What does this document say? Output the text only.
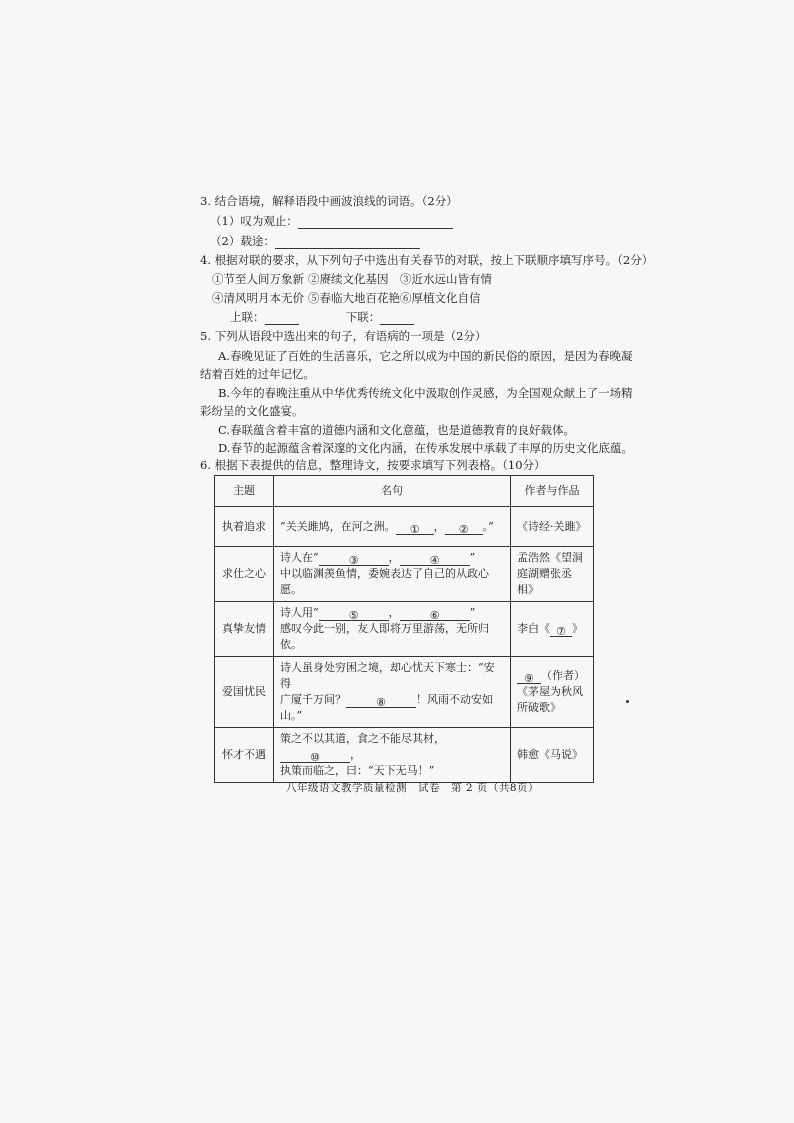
3. 结合语境，解释语段中画波浪线的词语。（2分）
（1）叹为观止：
（2）载途：
4. 根据对联的要求，从下列句子中选出有关春节的对联，按上下联顺序填写序号。（2分）
①节至人间万象新 ②赓续文化基因 ③近水远山皆有情
④清风明月本无价 ⑤春临大地百花艳 ⑥厚植文化自信
上联：	下联：
5. 下列从语段中选出来的句子，有语病的一项是（2分）
A.春晚见证了百姓的生活喜乐，它之所以成为中国的新民俗的原因，是因为春晚凝
结着百姓的过年记忆。
B.今年的春晚注重从中华优秀传统文化中汲取创作灵感，为全国观众献上了一场精
彩纷呈的文化盛宴。
C.春联蕴含着丰富的道德内涵和文化意蕴，也是道德教育的良好载体。
D.春节的起源蕴含着深邃的文化内涵，在传承发展中承载了丰厚的历史文化底蕴。
6. 根据下表提供的信息，整理诗文，按要求填写下列表格。（10分）
主题	名句	作者与作品
执着追求	“关关雎鸠，在河之洲。 ① ， ② 。”	《诗经·关雎》
求仕之心	诗人在“ ③ ， ④ ”
中以临渊羡鱼情，委婉表达了自己的从政心愿。	孟浩然《望洞庭湖赠张丞相》
真挚友情	诗人用“ ⑤ ， ⑥ ”
感叹今此一别，友人即将万里游荡，无所归依。	李白《 ⑦ 》
爱国忧民	诗人虽身处穷困之境，却心忧天下寒士：“安得
广厦千万间？ ⑧ ！风雨不动安如山。”	⑨ （作者）
《茅屋为秋风所破歌》
怀才不遇	策之不以其道，食之不能尽其材，⑩ ，
执策而临之，曰：“天下无马！”	韩愈《马说》
八年级语文教学质量检测　试卷　第 2 页（共8页）
